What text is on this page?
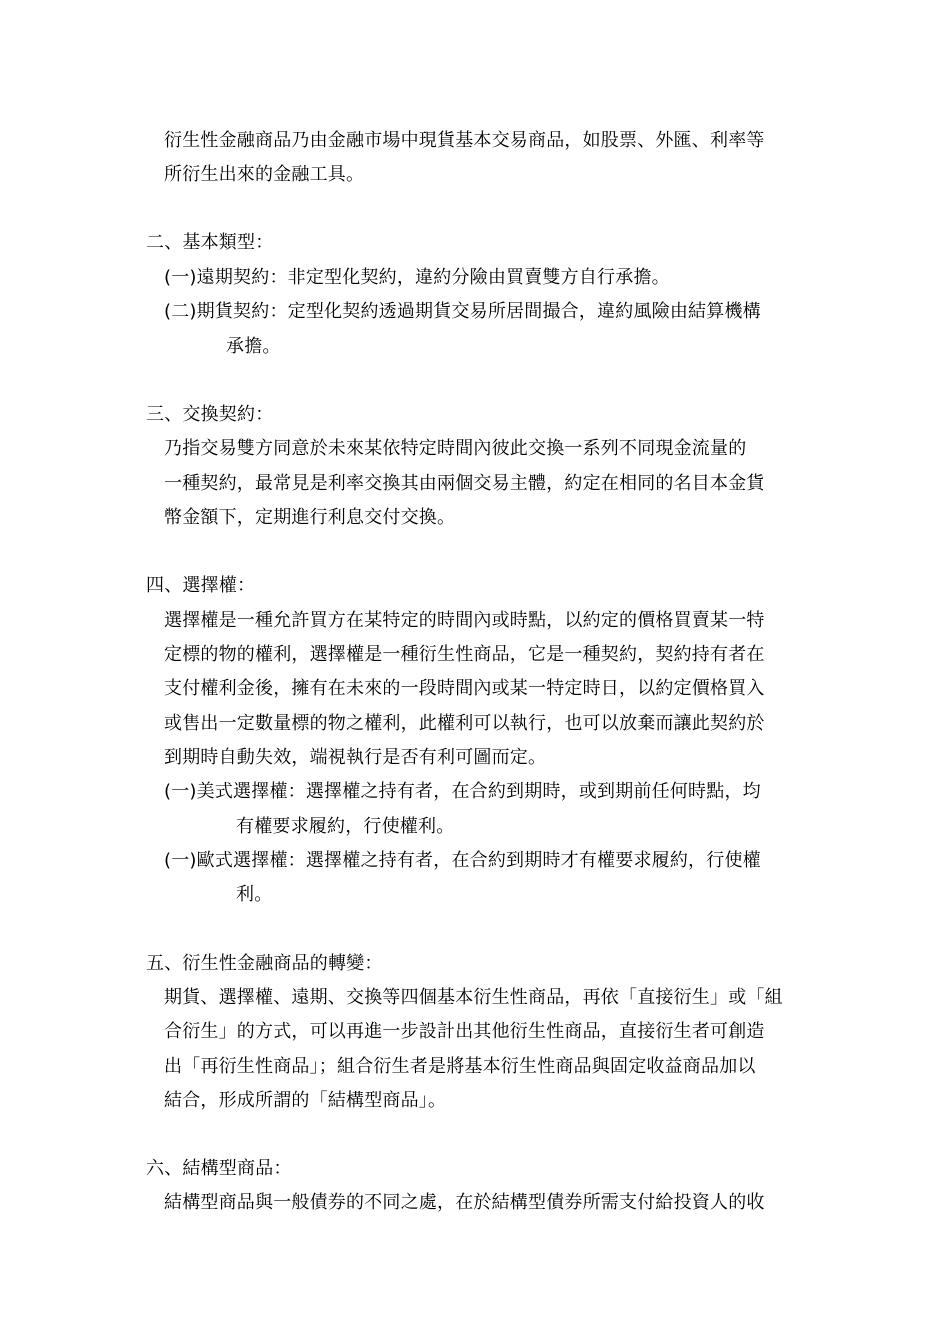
衍生性金融商品乃由金融市場中現貨基本交易商品，如股票、外匯、利率等
所衍生出來的金融工具。
二、基本類型：
(一)遠期契約：非定型化契約，違約分險由買賣雙方自行承擔。
(二)期貨契約：定型化契約透過期貨交易所居間撮合，違約風險由結算機構
承擔。
三、交換契約：
乃指交易雙方同意於未來某依特定時間內彼此交換一系列不同現金流量的
一種契約，最常見是利率交換其由兩個交易主體，約定在相同的名目本金貨
幣金額下，定期進行利息交付交換。
四、選擇權：
選擇權是一種允許買方在某特定的時間內或時點，以約定的價格買賣某一特
定標的物的權利，選擇權是一種衍生性商品，它是一種契約，契約持有者在
支付權利金後，擁有在未來的一段時間內或某一特定時日，以約定價格買入
或售出一定數量標的物之權利，此權利可以執行，也可以放棄而讓此契約於
到期時自動失效，端視執行是否有利可圖而定。
(一)美式選擇權：選擇權之持有者，在合約到期時，或到期前任何時點，均
有權要求履約，行使權利。
(一)歐式選擇權：選擇權之持有者，在合約到期時才有權要求履約，行使權
利。
五、衍生性金融商品的轉變：
期貨、選擇權、遠期、交換等四個基本衍生性商品，再依「直接衍生」或「組
合衍生」的方式，可以再進一步設計出其他衍生性商品，直接衍生者可創造
出「再衍生性商品」；組合衍生者是將基本衍生性商品與固定收益商品加以
結合，形成所謂的「結構型商品」。
六、結構型商品：
結構型商品與一般債券的不同之處，在於結構型債券所需支付給投資人的收
